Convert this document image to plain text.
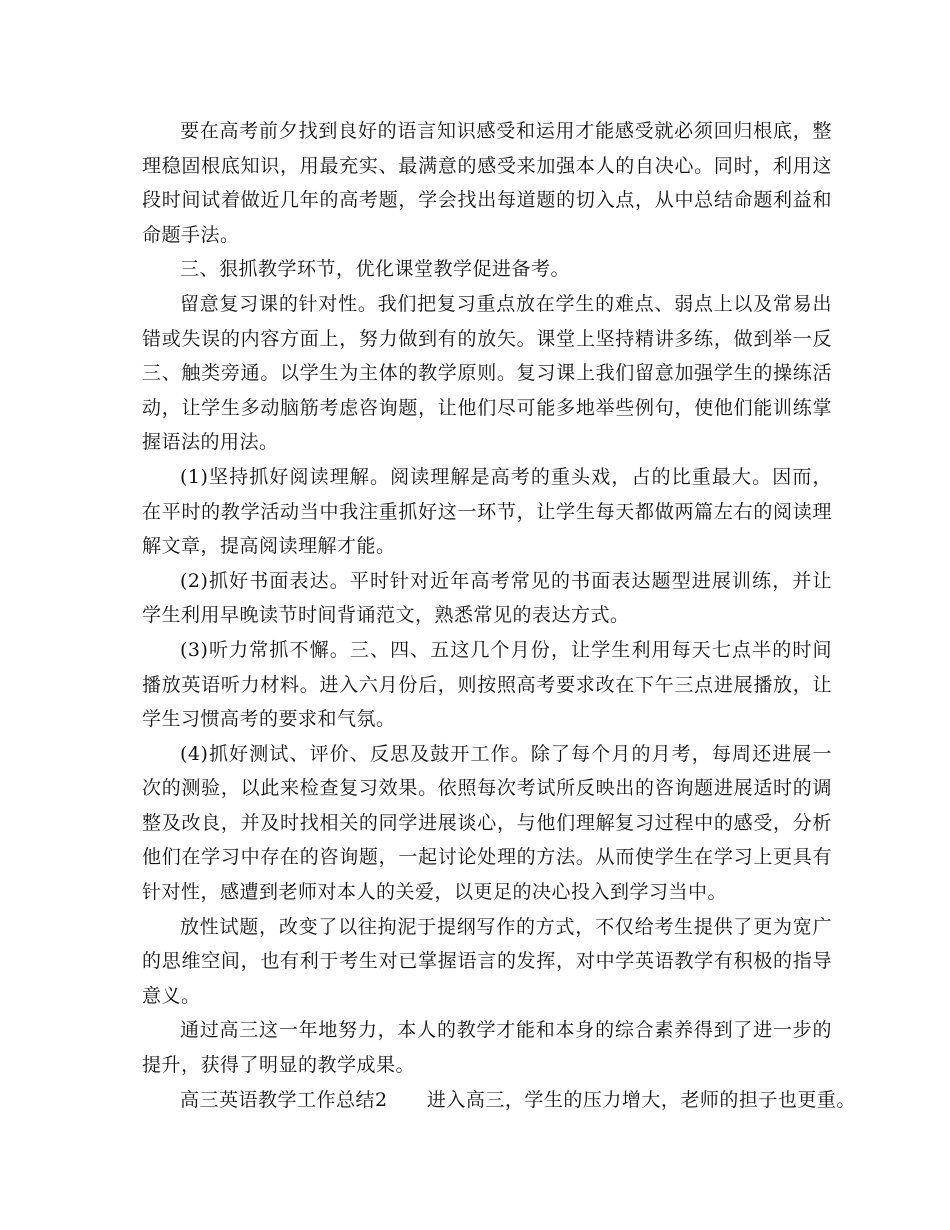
要在高考前夕找到良好的语言知识感受和运用才能感受就必须回归根底，整理稳固根底知识，用最充实、最满意的感受来加强本人的自决心。同时，利用这段时间试着做近几年的高考题，学会找出每道题的切入点，从中总结命题利益和命题手法。

三、狠抓教学环节，优化课堂教学促进备考。

留意复习课的针对性。我们把复习重点放在学生的难点、弱点上以及常易出错或失误的内容方面上，努力做到有的放矢。课堂上坚持精讲多练，做到举一反三、触类旁通。以学生为主体的教学原则。复习课上我们留意加强学生的操练活动，让学生多动脑筋考虑咨询题，让他们尽可能多地举些例句，使他们能训练掌握语法的用法。

(1)坚持抓好阅读理解。阅读理解是高考的重头戏，占的比重最大。因而，在平时的教学活动当中我注重抓好这一环节，让学生每天都做两篇左右的阅读理解文章，提高阅读理解才能。

(2)抓好书面表达。平时针对近年高考常见的书面表达题型进展训练，并让学生利用早晚读节时间背诵范文，熟悉常见的表达方式。

(3)听力常抓不懈。三、四、五这几个月份，让学生利用每天七点半的时间播放英语听力材料。进入六月份后，则按照高考要求改在下午三点进展播放，让学生习惯高考的要求和气氛。

(4)抓好测试、评价、反思及鼓开工作。除了每个月的月考，每周还进展一次的测验，以此来检查复习效果。依照每次考试所反映出的咨询题进展适时的调整及改良，并及时找相关的同学进展谈心，与他们理解复习过程中的感受，分析他们在学习中存在的咨询题，一起讨论处理的方法。从而使学生在学习上更具有针对性，感遭到老师对本人的关爱，以更足的决心投入到学习当中。

放性试题，改变了以往拘泥于提纲写作的方式，不仅给考生提供了更为宽广的思维空间，也有利于考生对已掌握语言的发挥，对中学英语教学有积极的指导意义。

通过高三这一年地努力，本人的教学才能和本身的综合素养得到了进一步的提升，获得了明显的教学成果。

高三英语教学工作总结2 进入高三，学生的压力增大，老师的担子也更重。
